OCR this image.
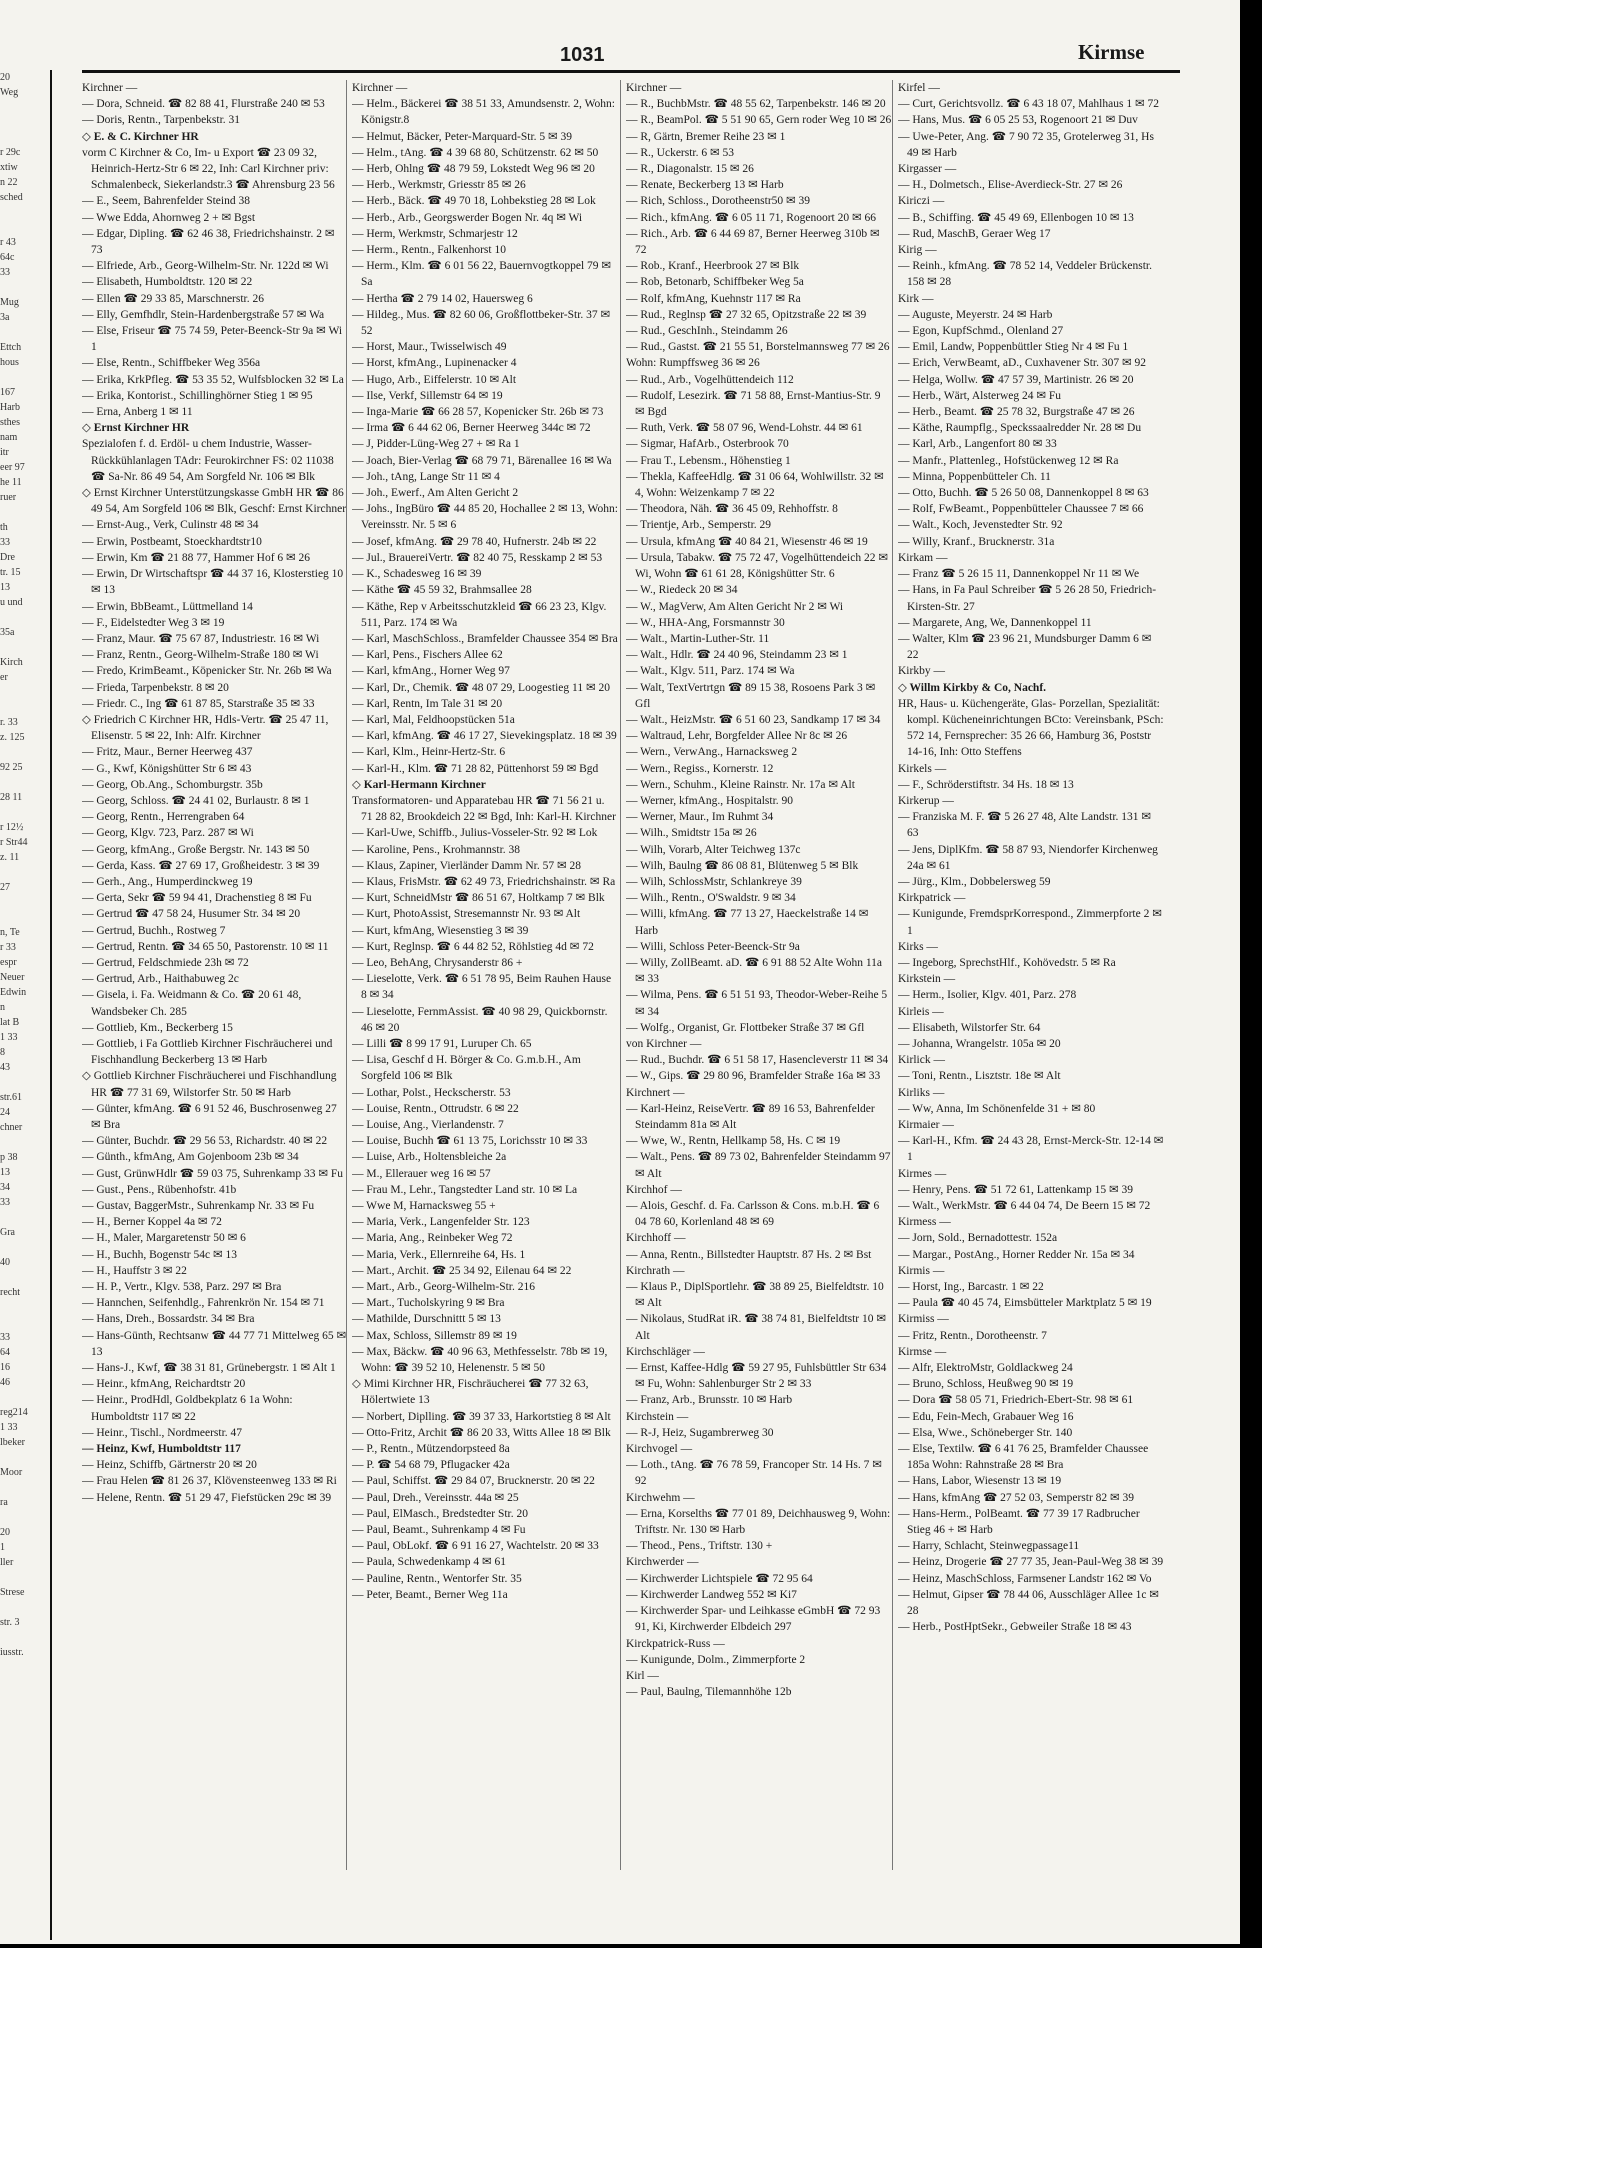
20
Weg
r 29c
xtiw
n 22
sched
r 43
64c
33
Mug
3a
Ettch
hous
167
Harb
sthes
nam
itr
eer 97
he 11
ruer
th
33
Dre
tr. 15
13
u und
35a
Kirch
er
r. 33
z. 125
92 25
28 11
r 12½
r Str44
z. 11
27
n, Te
r 33
espr
Neuer
Edwin
n
lat B
1 33
8
43
str.61
24
chner
p 38
13
34
33
Gra
40
recht
33
64
16
46
reg214
1 33
lbeker
Moor
ra
20
1
ller
Strese
str. 3
iusstr.
1031	Kirmse

Kirchner —

— Dora, Schneid. ☎ 82 88 41, Flurstraße 240 ✉ 53

— Doris, Rentn., Tarpenbekstr. 31

◇ E. & C. Kirchner HR

vorm C Kirchner & Co, Im- u Export ☎ 23 09 32, Heinrich-Hertz-Str 6 ✉ 22, Inh: Carl Kirchner priv: Schmalenbeck, Siekerlandstr.3 ☎ Ahrensburg 23 56

— E., Seem, Bahrenfelder Steind 38

— Wwe Edda, Ahornweg 2 + ✉ Bgst

— Edgar, Dipling. ☎ 62 46 38, Friedrichshainstr. 2 ✉ 73

— Elfriede, Arb., Georg-Wilhelm-Str. Nr. 122d ✉ Wi

— Elisabeth, Humboldtstr. 120 ✉ 22

— Ellen ☎ 29 33 85, Marschnerstr. 26

— Elly, Gemfhdlr, Stein-Hardenbergstraße 57 ✉ Wa

— Else, Friseur ☎ 75 74 59, Peter-Beenck-Str 9a ✉ Wi 1

— Else, Rentn., Schiffbeker Weg 356a

— Erika, KrkPfleg. ☎ 53 35 52, Wulfsblocken 32 ✉ La

— Erika, Kontorist., Schillinghörner Stieg 1 ✉ 95

— Erna, Anberg 1 ✉ 11

◇ Ernst Kirchner HR

Spezialofen f. d. Erdöl- u chem Industrie, Wasser-Rückkühlanlagen TAdr: Feurokirchner FS: 02 11038 ☎ Sa-Nr. 86 49 54, Am Sorgfeld Nr. 106 ✉ Blk

◇ Ernst Kirchner Unterstützungskasse GmbH HR ☎ 86 49 54, Am Sorgfeld 106 ✉ Blk, Geschf: Ernst Kirchner

— Ernst-Aug., Verk, Culinstr 48 ✉ 34

— Erwin, Postbeamt, Stoeckhardtstr10

— Erwin, Km ☎ 21 88 77, Hammer Hof 6 ✉ 26

— Erwin, Dr Wirtschaftspr ☎ 44 37 16, Klosterstieg 10 ✉ 13

— Erwin, BbBeamt., Lüttmelland 14

— F., Eidelstedter Weg 3 ✉ 19

— Franz, Maur. ☎ 75 67 87, Industriestr. 16 ✉ Wi

— Franz, Rentn., Georg-Wilhelm-Straße 180 ✉ Wi

— Fredo, KrimBeamt., Köpenicker Str. Nr. 26b ✉ Wa

— Frieda, Tarpenbekstr. 8 ✉ 20

— Friedr. C., Ing ☎ 61 87 85, Starstraße 35 ✉ 33

◇ Friedrich C Kirchner HR, Hdls-Vertr. ☎ 25 47 11, Elisenstr. 5 ✉ 22, Inh: Alfr. Kirchner

— Fritz, Maur., Berner Heerweg 437

— G., Kwf, Königshütter Str 6 ✉ 43

— Georg, Ob.Ang., Schomburgstr. 35b

— Georg, Schloss. ☎ 24 41 02, Burlaustr. 8 ✉ 1

— Georg, Rentn., Herrengraben 64

— Georg, Klgv. 723, Parz. 287 ✉ Wi

— Georg, kfmAng., Große Bergstr. Nr. 143 ✉ 50

— Gerda, Kass. ☎ 27 69 17, Großheidestr. 3 ✉ 39

— Gerh., Ang., Humperdinckweg 19

— Gerta, Sekr ☎ 59 94 41, Drachenstieg 8 ✉ Fu

— Gertrud ☎ 47 58 24, Husumer Str. 34 ✉ 20

— Gertrud, Buchh., Rostweg 7

— Gertrud, Rentn. ☎ 34 65 50, Pastorenstr. 10 ✉ 11

— Gertrud, Feldschmiede 23h ✉ 72

— Gertrud, Arb., Haithabuweg 2c

— Gisela, i. Fa. Weidmann & Co. ☎ 20 61 48, Wandsbeker Ch. 285

— Gottlieb, Km., Beckerberg 15

— Gottlieb, i Fa Gottlieb Kirchner Fischräucherei und Fischhandlung Beckerberg 13 ✉ Harb

◇ Gottlieb Kirchner Fischräucherei und Fischhandlung HR ☎ 77 31 69, Wilstorfer Str. 50 ✉ Harb

— Günter, kfmAng. ☎ 6 91 52 46, Buschrosenweg 27 ✉ Bra

— Günter, Buchdr. ☎ 29 56 53, Richardstr. 40 ✉ 22

— Günth., kfmAng, Am Gojenboom 23b ✉ 34

— Gust, GrünwHdlr ☎ 59 03 75, Suhrenkamp 33 ✉ Fu

— Gust., Pens., Rübenhofstr. 41b

— Gustav, BaggerMstr., Suhrenkamp Nr. 33 ✉ Fu

— H., Berner Koppel 4a ✉ 72

— H., Maler, Margaretenstr 50 ✉ 6

— H., Buchh, Bogenstr 54c ✉ 13

— H., Hauffstr 3 ✉ 22

— H. P., Vertr., Klgv. 538, Parz. 297 ✉ Bra

— Hannchen, Seifenhdlg., Fahrenkrön Nr. 154 ✉ 71

— Hans, Dreh., Bossardstr. 34 ✉ Bra

— Hans-Günth, Rechtsanw ☎ 44 77 71 Mittelweg 65 ✉ 13

— Hans-J., Kwf, ☎ 38 31 81, Grünebergstr. 1 ✉ Alt 1

— Heinr., kfmAng, Reichardtstr 20

— Heinr., ProdHdl, Goldbekplatz 6 1a Wohn: Humboldtstr 117 ✉ 22

— Heinr., Tischl., Nordmeerstr. 47

— Heinz, Kwf, Humboldtstr 117

— Heinz, Schiffb, Gärtnerstr 20 ✉ 20

— Frau Helen ☎ 81 26 37, Klövensteenweg 133 ✉ Ri

— Helene, Rentn. ☎ 51 29 47, Fiefstücken 29c ✉ 39

Kirchner —

— Helm., Bäckerei ☎ 38 51 33, Amundsenstr. 2, Wohn: Königstr.8

— Helmut, Bäcker, Peter-Marquard-Str. 5 ✉ 39

— Helm., tAng. ☎ 4 39 68 80, Schützenstr. 62 ✉ 50

— Herb, Ohlng ☎ 48 79 59, Lokstedt Weg 96 ✉ 20

— Herb., Werkmstr, Griesstr 85 ✉ 26

— Herb., Bäck. ☎ 49 70 18, Lohbekstieg 28 ✉ Lok

— Herb., Arb., Georgswerder Bogen Nr. 4q ✉ Wi

— Herm, Werkmstr, Schmarjestr 12

— Herm., Rentn., Falkenhorst 10

— Herm., Klm. ☎ 6 01 56 22, Bauernvogtkoppel 79 ✉ Sa

— Hertha ☎ 2 79 14 02, Hauersweg 6

— Hildeg., Mus. ☎ 82 60 06, Großflottbeker-Str. 37 ✉ 52

— Horst, Maur., Twisselwisch 49

— Horst, kfmAng., Lupinenacker 4

— Hugo, Arb., Eiffelerstr. 10 ✉ Alt

— Ilse, Verkf, Sillemstr 64 ✉ 19

— Inga-Marie ☎ 66 28 57, Kopenicker Str. 26b ✉ 73

— Irma ☎ 6 44 62 06, Berner Heerweg 344c ✉ 72

— J, Pidder-Lüng-Weg 27 + ✉ Ra 1

— Joach, Bier-Verlag ☎ 68 79 71, Bärenallee 16 ✉ Wa

— Joh., tAng, Lange Str 11 ✉ 4

— Joh., Ewerf., Am Alten Gericht 2

— Johs., IngBüro ☎ 44 85 20, Hochallee 2 ✉ 13, Wohn: Vereinsstr. Nr. 5 ✉ 6

— Josef, kfmAng. ☎ 29 78 40, Hufnerstr. 24b ✉ 22

— Jul., BrauereiVertr. ☎ 82 40 75, Resskamp 2 ✉ 53

— K., Schadesweg 16 ✉ 39

— Käthe ☎ 45 59 32, Brahmsallee 28

— Käthe, Rep v Arbeitsschutzkleid ☎ 66 23 23, Klgv. 511, Parz. 174 ✉ Wa

— Karl, MaschSchloss., Bramfelder Chaussee 354 ✉ Bra

— Karl, Pens., Fischers Allee 62

— Karl, kfmAng., Horner Weg 97

— Karl, Dr., Chemik. ☎ 48 07 29, Loogestieg 11 ✉ 20

— Karl, Rentn, Im Tale 31 ✉ 20

— Karl, Mal, Feldhoopstücken 51a

— Karl, kfmAng. ☎ 46 17 27, Sievekingsplatz. 18 ✉ 39

— Karl, Klm., Heinr-Hertz-Str. 6

— Karl-H., Klm. ☎ 71 28 82, Püttenhorst 59 ✉ Bgd

◇ Karl-Hermann Kirchner

Transformatoren- und Apparatebau HR ☎ 71 56 21 u. 71 28 82, Brookdeich 22 ✉ Bgd, Inh: Karl-H. Kirchner

— Karl-Uwe, Schiffb., Julius-Vosseler-Str. 92 ✉ Lok

— Karoline, Pens., Krohmannstr. 38

— Klaus, Zapiner, Vierländer Damm Nr. 57 ✉ 28

— Klaus, FrisMstr. ☎ 62 49 73, Friedrichshainstr. ✉ Ra

— Kurt, SchneidMstr ☎ 86 51 67, Holtkamp 7 ✉ Blk

— Kurt, PhotoAssist, Stresemannstr Nr. 93 ✉ Alt

— Kurt, kfmAng, Wiesenstieg 3 ✉ 39

— Kurt, Reglnsp. ☎ 6 44 82 52, Röhlstieg 4d ✉ 72

— Leo, BehAng, Chrysanderstr 86 +

— Lieselotte, Verk. ☎ 6 51 78 95, Beim Rauhen Hause 8 ✉ 34

— Lieselotte, FernmAssist. ☎ 40 98 29, Quickbornstr. 46 ✉ 20

— Lilli ☎ 8 99 17 91, Luruper Ch. 65

— Lisa, Geschf d H. Börger & Co. G.m.b.H., Am Sorgfeld 106 ✉ Blk

— Lothar, Polst., Heckscherstr. 53

— Louise, Rentn., Ottrudstr. 6 ✉ 22

— Louise, Ang., Vierlandenstr. 7

— Louise, Buchh ☎ 61 13 75, Lorichsstr 10 ✉ 33

— Luise, Arb., Holtensbleiche 2a

— M., Ellerauer weg 16 ✉ 57

— Frau M., Lehr., Tangstedter Land str. 10 ✉ La

— Wwe M, Harnacksweg 55 +

— Maria, Verk., Langenfelder Str. 123

— Maria, Ang., Reinbeker Weg 72

— Maria, Verk., Ellernreihe 64, Hs. 1

— Mart., Archit. ☎ 25 34 92, Eilenau 64 ✉ 22

— Mart., Arb., Georg-Wilhelm-Str. 216

— Mart., Tucholskyring 9 ✉ Bra

— Mathilde, Durschnittt 5 ✉ 13

— Max, Schloss, Sillemstr 89 ✉ 19

— Max, Bäckw. ☎ 40 96 63, Methfesselstr. 78b ✉ 19, Wohn: ☎ 39 52 10, Helenenstr. 5 ✉ 50

◇ Mimi Kirchner HR, Fischräucherei ☎ 77 32 63, Hölertwiete 13

— Norbert, Diplling. ☎ 39 37 33, Harkortstieg 8 ✉ Alt

— Otto-Fritz, Archit ☎ 86 20 33, Witts Allee 18 ✉ Blk

— P., Rentn., Mützendorpsteed 8a

— P. ☎ 54 68 79, Pflugacker 42a

— Paul, Schiffst. ☎ 29 84 07, Brucknerstr. 20 ✉ 22

— Paul, Dreh., Vereinsstr. 44a ✉ 25

— Paul, ElMasch., Bredstedter Str. 20

— Paul, Beamt., Suhrenkamp 4 ✉ Fu

— Paul, ObLokf. ☎ 6 91 16 27, Wachtelstr. 20 ✉ 33

— Paula, Schwedenkamp 4 ✉ 61

— Pauline, Rentn., Wentorfer Str. 35

— Peter, Beamt., Berner Weg 11a

Kirchner —

— R., BuchbMstr. ☎ 48 55 62, Tarpenbekstr. 146 ✉ 20

— R., BeamPol. ☎ 5 51 90 65, Gern roder Weg 10 ✉ 26

— R, Gärtn, Bremer Reihe 23 ✉ 1

— R., Uckerstr. 6 ✉ 53

— R., Diagonalstr. 15 ✉ 26

— Renate, Beckerberg 13 ✉ Harb

— Rich, Schloss., Dorotheenstr50 ✉ 39

— Rich., kfmAng. ☎ 6 05 11 71, Rogenoort 20 ✉ 66

— Rich., Arb. ☎ 6 44 69 87, Berner Heerweg 310b ✉ 72

— Rob., Kranf., Heerbrook 27 ✉ Blk

— Rob, Betonarb, Schiffbeker Weg 5a

— Rolf, kfmAng, Kuehnstr 117 ✉ Ra

— Rud., Reglnsp ☎ 27 32 65, Opitzstraße 22 ✉ 39

— Rud., GeschInh., Steindamm 26

— Rud., Gastst. ☎ 21 55 51, Borstelmannsweg 77 ✉ 26

Wohn: Rumpffsweg 36 ✉ 26

— Rud., Arb., Vogelhüttendeich 112

— Rudolf, Lesezirk. ☎ 71 58 88, Ernst-Mantius-Str. 9 ✉ Bgd

— Ruth, Verk. ☎ 58 07 96, Wend-Lohstr. 44 ✉ 61

— Sigmar, HafArb., Osterbrook 70

— Frau T., Lebensm., Höhenstieg 1

— Thekla, KaffeeHdlg. ☎ 31 06 64, Wohlwillstr. 32 ✉ 4, Wohn: Weizenkamp 7 ✉ 22

— Theodora, Näh. ☎ 36 45 09, Rehhoffstr. 8

— Trientje, Arb., Semperstr. 29

— Ursula, kfmAng ☎ 40 84 21, Wiesenstr 46 ✉ 19

— Ursula, Tabakw. ☎ 75 72 47, Vogelhüttendeich 22 ✉ Wi, Wohn ☎ 61 61 28, Königshütter Str. 6

— W., Riedeck 20 ✉ 34

— W., MagVerw, Am Alten Gericht Nr 2 ✉ Wi

— W., HHA-Ang, Forsmannstr 30

— Walt., Martin-Luther-Str. 11

— Walt., Hdlr. ☎ 24 40 96, Steindamm 23 ✉ 1

— Walt., Klgv. 511, Parz. 174 ✉ Wa

— Walt, TextVertrtgn ☎ 89 15 38, Rosoens Park 3 ✉ Gfl

— Walt., HeizMstr. ☎ 6 51 60 23, Sandkamp 17 ✉ 34

— Waltraud, Lehr, Borgfelder Allee Nr 8c ✉ 26

— Wern., VerwAng., Harnacksweg 2

— Wern., Regiss., Kornerstr. 12

— Wern., Schuhm., Kleine Rainstr. Nr. 17a ✉ Alt

— Werner, kfmAng., Hospitalstr. 90

— Werner, Maur., Im Ruhmt 34

— Wilh., Smidtstr 15a ✉ 26

— Wilh, Vorarb, Alter Teichweg 137c

— Wilh, Baulng ☎ 86 08 81, Blütenweg 5 ✉ Blk

— Wilh, SchlossMstr, Schlankreye 39

— Wilh., Rentn., O'Swaldstr. 9 ✉ 34

— Willi, kfmAng. ☎ 77 13 27, Haeckelstraße 14 ✉ Harb

— Willi, Schloss Peter-Beenck-Str 9a

— Willy, ZollBeamt. aD. ☎ 6 91 88 52 Alte Wohn 11a ✉ 33

— Wilma, Pens. ☎ 6 51 51 93, Theodor-Weber-Reihe 5 ✉ 34

— Wolfg., Organist, Gr. Flottbeker Straße 37 ✉ Gfl

von Kirchner —

— Rud., Buchdr. ☎ 6 51 58 17, Hasencleverstr 11 ✉ 34

— W., Gips. ☎ 29 80 96, Bramfelder Straße 16a ✉ 33

Kirchnert —

— Karl-Heinz, ReiseVertr. ☎ 89 16 53, Bahrenfelder Steindamm 81a ✉ Alt

— Wwe, W., Rentn, Hellkamp 58, Hs. C ✉ 19

— Walt., Pens. ☎ 89 73 02, Bahrenfelder Steindamm 97 ✉ Alt

Kirchhof —

— Alois, Geschf. d. Fa. Carlsson & Cons. m.b.H. ☎ 6 04 78 60, Korlenland 48 ✉ 69

Kirchhoff —

— Anna, Rentn., Billstedter Hauptstr. 87 Hs. 2 ✉ Bst

Kirchrath —

— Klaus P., DiplSportlehr. ☎ 38 89 25, Bielfeldtstr. 10 ✉ Alt

— Nikolaus, StudRat iR. ☎ 38 74 81, Bielfeldtstr 10 ✉ Alt

Kirchschläger —

— Ernst, Kaffee-Hdlg ☎ 59 27 95, Fuhlsbüttler Str 634 ✉ Fu, Wohn: Sahlenburger Str 2 ✉ 33

— Franz, Arb., Brunsstr. 10 ✉ Harb

Kirchstein —

— R-J, Heiz, Sugambrerweg 30

Kirchvogel —

— Loth., tAng. ☎ 76 78 59, Francoper Str. 14 Hs. 7 ✉ 92

Kirchwehm —

— Erna, Korselths ☎ 77 01 89, Deichhausweg 9, Wohn: Triftstr. Nr. 130 ✉ Harb

— Theod., Pens., Triftstr. 130 +

Kirchwerder —

— Kirchwerder Lichtspiele ☎ 72 95 64

— Kirchwerder Landweg 552 ✉ Ki7

— Kirchwerder Spar- und Leihkasse eGmbH ☎ 72 93 91, Ki, Kirchwerder Elbdeich 297

Kirckpatrick-Russ —

— Kunigunde, Dolm., Zimmerpforte 2

Kirl —

— Paul, Baulng, Tilemannhöhe 12b

Kirfel —

— Curt, Gerichtsvollz. ☎ 6 43 18 07, Mahlhaus 1 ✉ 72

— Hans, Mus. ☎ 6 05 25 53, Rogenoort 21 ✉ Duv

— Uwe-Peter, Ang. ☎ 7 90 72 35, Grotelerweg 31, Hs 49 ✉ Harb

Kirgasser —

— H., Dolmetsch., Elise-Averdieck-Str. 27 ✉ 26

Kiriczi —

— B., Schiffing. ☎ 45 49 69, Ellenbogen 10 ✉ 13

— Rud, MaschB, Geraer Weg 17

Kirig —

— Reinh., kfmAng. ☎ 78 52 14, Veddeler Brückenstr. 158 ✉ 28

Kirk —

— Auguste, Meyerstr. 24 ✉ Harb

— Egon, KupfSchmd., Olenland 27

— Emil, Landw, Poppenbüttler Stieg Nr 4 ✉ Fu 1

— Erich, VerwBeamt, aD., Cuxhavener Str. 307 ✉ 92

— Helga, Wollw. ☎ 47 57 39, Martinistr. 26 ✉ 20

— Herb., Wärt, Alsterweg 24 ✉ Fu

— Herb., Beamt. ☎ 25 78 32, Burgstraße 47 ✉ 26

— Käthe, Raumpflg., Speckssaalredder Nr. 28 ✉ Du

— Karl, Arb., Langenfort 80 ✉ 33

— Manfr., Plattenleg., Hofstückenweg 12 ✉ Ra

— Minna, Poppenbütteler Ch. 11

— Otto, Buchh. ☎ 5 26 50 08, Dannenkoppel 8 ✉ 63

— Rolf, FwBeamt., Poppenbütteler Chaussee 7 ✉ 66

— Walt., Koch, Jevenstedter Str. 92

— Willy, Kranf., Brucknerstr. 31a

Kirkam —

— Franz ☎ 5 26 15 11, Dannenkoppel Nr 11 ✉ We

— Hans, in Fa Paul Schreiber ☎ 5 26 28 50, Friedrich-Kirsten-Str. 27

— Margarete, Ang, We, Dannenkoppel 11

— Walter, Klm ☎ 23 96 21, Mundsburger Damm 6 ✉ 22

Kirkby —

◇ Willm Kirkby & Co, Nachf.

HR, Haus- u. Küchengeräte, Glas- Porzellan, Spezialität: kompl. Kücheneinrichtungen BCto: Vereinsbank, PSch: 572 14, Fernsprecher: 35 26 66, Hamburg 36, Poststr 14-16, Inh: Otto Steffens

Kirkels —

— F., Schröderstiftstr. 34 Hs. 18 ✉ 13

Kirkerup —

— Franziska M. F. ☎ 5 26 27 48, Alte Landstr. 131 ✉ 63

— Jens, DiplKfm. ☎ 58 87 93, Niendorfer Kirchenweg 24a ✉ 61

— Jürg., Klm., Dobbelersweg 59

Kirkpatrick —

— Kunigunde, FremdsprKorrespond., Zimmerpforte 2 ✉ 1

Kirks —

— Ingeborg, SprechstHlf., Kohövedstr. 5 ✉ Ra

Kirkstein —

— Herm., Isolier, Klgv. 401, Parz. 278

Kirleis —

— Elisabeth, Wilstorfer Str. 64

— Johanna, Wrangelstr. 105a ✉ 20

Kirlick —

— Toni, Rentn., Lisztstr. 18e ✉ Alt

Kirliks —

— Ww, Anna, Im Schönenfelde 31 + ✉ 80

Kirmaier —

— Karl-H., Kfm. ☎ 24 43 28, Ernst-Merck-Str. 12-14 ✉ 1

Kirmes —

— Henry, Pens. ☎ 51 72 61, Lattenkamp 15 ✉ 39

— Walt., WerkMstr. ☎ 6 44 04 74, De Beern 15 ✉ 72

Kirmess —

— Jorn, Sold., Bernadottestr. 152a

— Margar., PostAng., Horner Redder Nr. 15a ✉ 34

Kirmis —

— Horst, Ing., Barcastr. 1 ✉ 22

— Paula ☎ 40 45 74, Eimsbütteler Marktplatz 5 ✉ 19

Kirmiss —

— Fritz, Rentn., Dorotheenstr. 7

Kirmse —

— Alfr, ElektroMstr, Goldlackweg 24

— Bruno, Schloss, Heußweg 90 ✉ 19

— Dora ☎ 58 05 71, Friedrich-Ebert-Str. 98 ✉ 61

— Edu, Fein-Mech, Grabauer Weg 16

— Elsa, Wwe., Schöneberger Str. 140

— Else, Textilw. ☎ 6 41 76 25, Bramfelder Chaussee 185a Wohn: Rahnstraße 28 ✉ Bra

— Hans, Labor, Wiesenstr 13 ✉ 19

— Hans, kfmAng ☎ 27 52 03, Semperstr 82 ✉ 39

— Hans-Herm., PolBeamt. ☎ 77 39 17 Radbrucher Stieg 46 + ✉ Harb

— Harry, Schlacht, Steinwegpassage11

— Heinz, Drogerie ☎ 27 77 35, Jean-Paul-Weg 38 ✉ 39

— Heinz, MaschSchloss, Farmsener Landstr 162 ✉ Vo

— Helmut, Gipser ☎ 78 44 06, Ausschläger Allee 1c ✉ 28

— Herb., PostHptSekr., Gebweiler Straße 18 ✉ 43
